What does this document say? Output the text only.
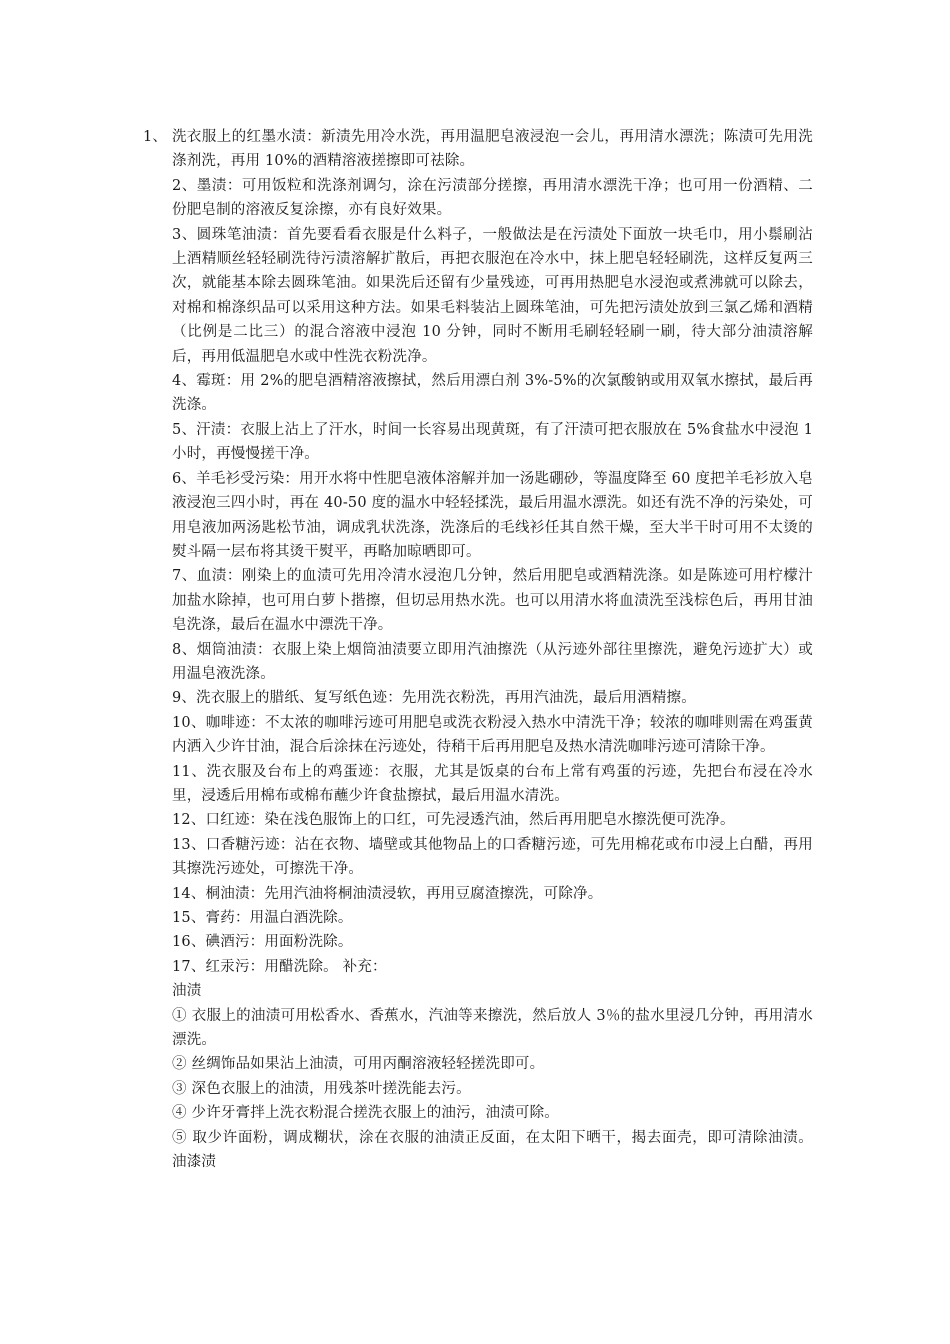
1、 洗衣服上的红墨水渍：新渍先用冷水洗，再用温肥皂液浸泡一会儿，再用清水漂洗；陈渍可先用洗涤剂洗，再用 10%的酒精溶液搓擦即可祛除。

2、墨渍：可用饭粒和洗涤剂调匀，涂在污渍部分搓擦，再用清水漂洗干净；也可用一份酒精、二份肥皂制的溶液反复涂擦，亦有良好效果。

3、圆珠笔油渍：首先要看看衣服是什么料子，一般做法是在污渍处下面放一块毛巾，用小鬃刷沾上酒精顺丝轻轻刷洗待污渍溶解扩散后，再把衣服泡在冷水中，抹上肥皂轻轻刷洗，这样反复两三次，就能基本除去圆珠笔油。如果洗后还留有少量残迹，可再用热肥皂水浸泡或煮沸就可以除去，对棉和棉涤织品可以采用这种方法。如果毛料装沾上圆珠笔油，可先把污渍处放到三氯乙烯和酒精（比例是二比三）的混合溶液中浸泡 10 分钟，同时不断用毛刷轻轻刷一刷，待大部分油渍溶解后，再用低温肥皂水或中性洗衣粉洗净。

4、霉斑：用 2%的肥皂酒精溶液擦拭，然后用漂白剂 3%-5%的次氯酸钠或用双氧水擦拭，最后再洗涤。

5、汗渍：衣服上沾上了汗水，时间一长容易出现黄斑，有了汗渍可把衣服放在 5%食盐水中浸泡 1 小时，再慢慢搓干净。

6、羊毛衫受污染：用开水将中性肥皂液体溶解并加一汤匙硼砂，等温度降至 60 度把羊毛衫放入皂液浸泡三四小时，再在 40-50 度的温水中轻轻揉洗，最后用温水漂洗。如还有洗不净的污染处，可用皂液加两汤匙松节油，调成乳状洗涤，洗涤后的毛线衫任其自然干燥，至大半干时可用不太烫的熨斗隔一层布将其烫干熨平，再略加晾晒即可。

7、血渍：刚染上的血渍可先用冷清水浸泡几分钟，然后用肥皂或酒精洗涤。如是陈迹可用柠檬汁加盐水除掉，也可用白萝卜揩擦，但切忌用热水洗。也可以用清水将血渍洗至浅棕色后，再用甘油皂洗涤，最后在温水中漂洗干净。

8、烟筒油渍：衣服上染上烟筒油渍要立即用汽油擦洗（从污迹外部往里擦洗，避免污迹扩大）或用温皂液洗涤。

9、洗衣服上的腊纸、复写纸色迹：先用洗衣粉洗，再用汽油洗，最后用酒精擦。

10、咖啡迹：不太浓的咖啡污迹可用肥皂或洗衣粉浸入热水中清洗干净；较浓的咖啡则需在鸡蛋黄内洒入少许甘油，混合后涂抹在污迹处，待稍干后再用肥皂及热水清洗咖啡污迹可清除干净。

11、洗衣服及台布上的鸡蛋迹：衣服，尤其是饭桌的台布上常有鸡蛋的污迹，先把台布浸在冷水里，浸透后用棉布或棉布蘸少许食盐擦拭，最后用温水清洗。

12、口红迹：染在浅色服饰上的口红，可先浸透汽油，然后再用肥皂水擦洗便可洗净。

13、口香糖污迹：沾在衣物、墙壁或其他物品上的口香糖污迹，可先用棉花或布巾浸上白醋，再用其擦洗污迹处，可擦洗干净。

14、桐油渍：先用汽油将桐油渍浸软，再用豆腐渣擦洗，可除净。

15、膏药：用温白酒洗除。

16、碘酒污：用面粉洗除。

17、红汞污：用醋洗除。 补充：

油渍

① 衣服上的油渍可用松香水、香蕉水，汽油等来擦洗，然后放人 3％的盐水里浸几分钟，再用清水漂洗。

② 丝绸饰品如果沾上油渍，可用丙酮溶液轻轻搓洗即可。

③ 深色衣服上的油渍，用残茶叶搓洗能去污。

④ 少许牙膏拌上洗衣粉混合搓洗衣服上的油污，油渍可除。

⑤ 取少许面粉，调成糊状，涂在衣服的油渍正反面，在太阳下晒干，揭去面壳，即可清除油渍。 油漆渍
